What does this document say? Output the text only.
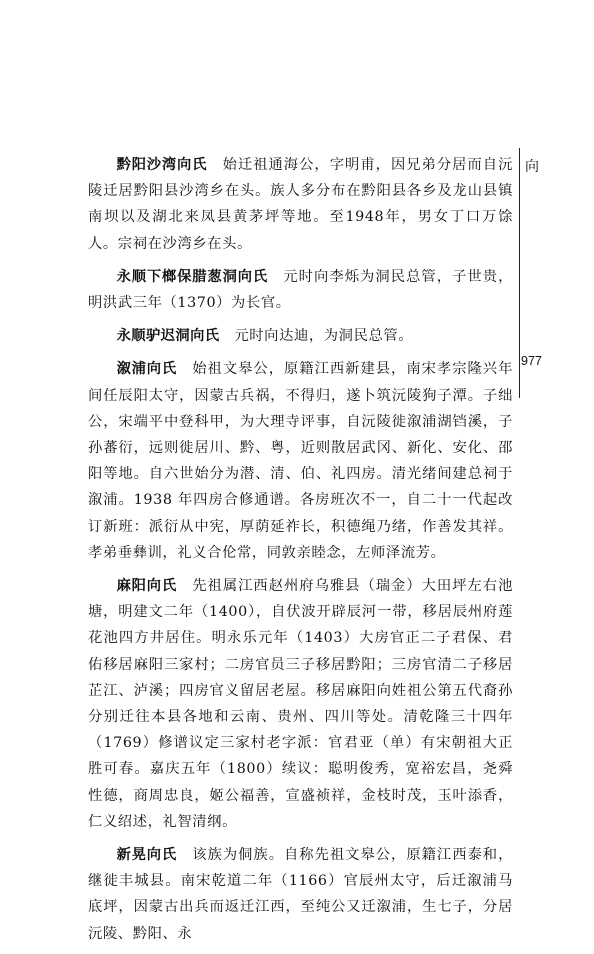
向
977

黔阳沙湾向氏　 始迁祖通海公，字明甫，因兄弟分居而自沅陵迁居黔阳县沙湾乡在头。族人多分布在黔阳县各乡及龙山县镇南坝以及湖北来凤县黄茅坪等地。至1948年，男女丁口万馀人。宗祠在沙湾乡在头。

永顺下榔保腊葱洞向氏　 元时向李烁为洞民总管，子世贵，明洪武三年（1370）为长官。

永顺驴迟洞向氏　 元时向达迪，为洞民总管。

溆浦向氏　 始祖文皋公，原籍江西新建县，南宋孝宗隆兴年间任辰阳太守，因蒙古兵祸，不得归，遂卜筑沅陵狗子潭。子绌公，宋端平中登科甲，为大理寺评事，自沅陵徙溆浦湖铛溪，子孙蕃衍，远则徙居川、黔、粤，近则散居武冈、新化、安化、邵阳等地。自六世始分为潜、清、伯、礼四房。清光绪间建总祠于溆浦。1938 年四房合修通谱。各房班次不一，自二十一代起改订新班：派衍从中宪，厚荫延祚长，积德绳乃绪，作善发其祥。孝弟垂彝训，礼义合伦常，同敦亲睦念，左师泽流芳。

麻阳向氏　 先祖属江西赵州府乌雅县（瑞金）大田坪左右池塘，明建文二年（1400），自伏波开辟辰河一带，移居辰州府莲花池四方井居住。明永乐元年（1403）大房官正二子君保、君佑移居麻阳三家村；二房官员三子移居黔阳；三房官清二子移居芷江、泸溪；四房官义留居老屋。移居麻阳向姓祖公第五代裔孙分别迁往本县各地和云南、贵州、四川等处。清乾隆三十四年（1769）修谱议定三家村老字派：官君亚（单）有宋朝祖大正胜可春。嘉庆五年（1800）续议：聪明俊秀，宽裕宏昌，尧舜性德，商周忠良，姬公福善，宣盛祯祥，金枝时茂，玉叶添香，仁义绍述，礼智清纲。

新晃向氏　 该族为侗族。自称先祖文皋公，原籍江西泰和，继徙丰城县。南宋乾道二年（1166）官辰州太守，后迁溆浦马底坪，因蒙古出兵而返迁江西，至纯公又迁溆浦，生七子，分居沅陵、黔阳、永
